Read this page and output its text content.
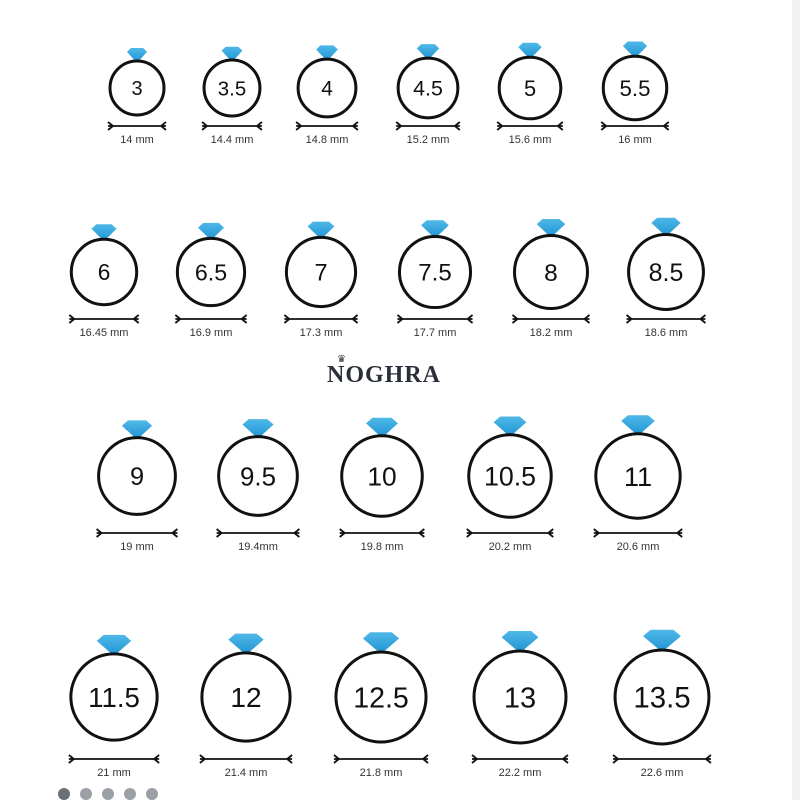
3
14 mm
3.5
14.4 mm
4
14.8 mm
4.5
15.2 mm
5
15.6 mm
5.5
16 mm
6
16.45 mm
6.5
16.9 mm
7
17.3 mm
7.5
17.7 mm
8
18.2 mm
8.5
18.6 mm
9
19 mm
9.5
19.4mm
10
19.8 mm
10.5
20.2 mm
11
20.6 mm
11.5
21 mm
12
21.4 mm
12.5
21.8 mm
13
22.2 mm
13.5
22.6 mm
♛
NOGHRA
